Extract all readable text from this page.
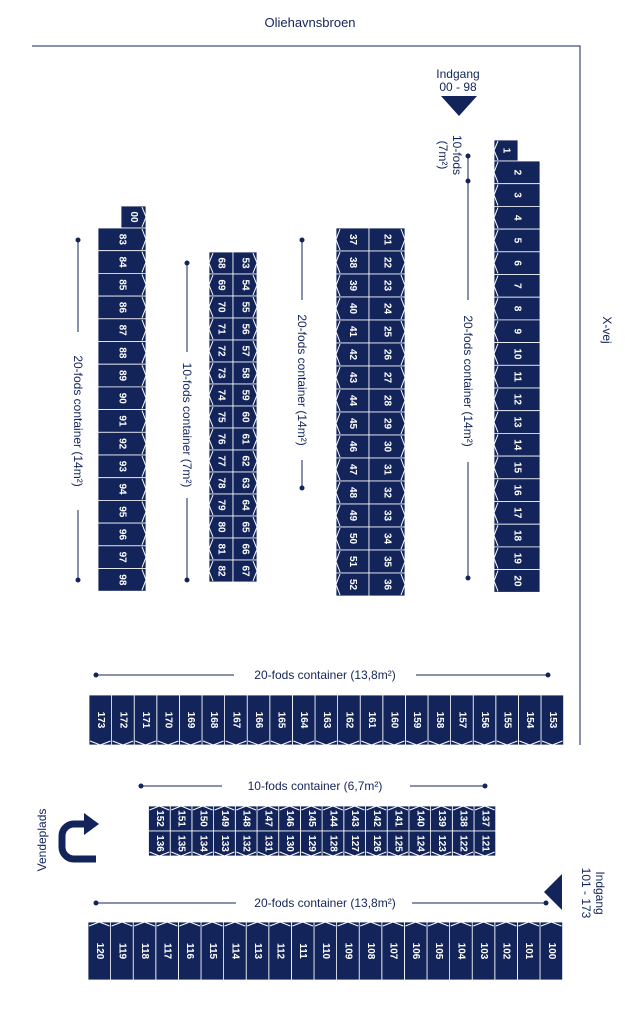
Oliehavnsbroen
X-vej
Indgang
00 - 98
Indgang
101 - 173
Vendeplads
10-fods
(7m²)
20-fods container (14m²)
20-fods container (14m²)
10-fods container (7m²)
20-fods container (14m²)
20-fods container (13,8m²)
10-fods container (6,7m²)
20-fods container (13,8m²)
1
2
3
4
5
6
7
8
9
10
11
12
13
14
15
16
17
18
19
20
37
38
39
40
41
42
43
44
45
46
47
48
49
50
51
52
21
22
23
24
25
26
27
28
29
30
31
32
33
34
35
36
68
69
70
71
72
73
74
75
76
77
78
79
80
81
82
53
54
55
56
57
58
59
60
61
62
63
64
65
66
67
00
83
84
85
86
87
88
89
90
91
92
93
94
95
96
97
98
153
154
155
156
157
158
159
160
161
162
163
164
165
166
167
168
169
170
171
172
173
137
138
139
140
141
142
143
144
145
146
147
148
149
150
151
152
121
122
123
124
125
126
127
128
129
130
131
132
133
134
135
136
100
101
102
103
104
105
106
107
108
109
110
111
112
113
114
115
116
117
118
119
120
